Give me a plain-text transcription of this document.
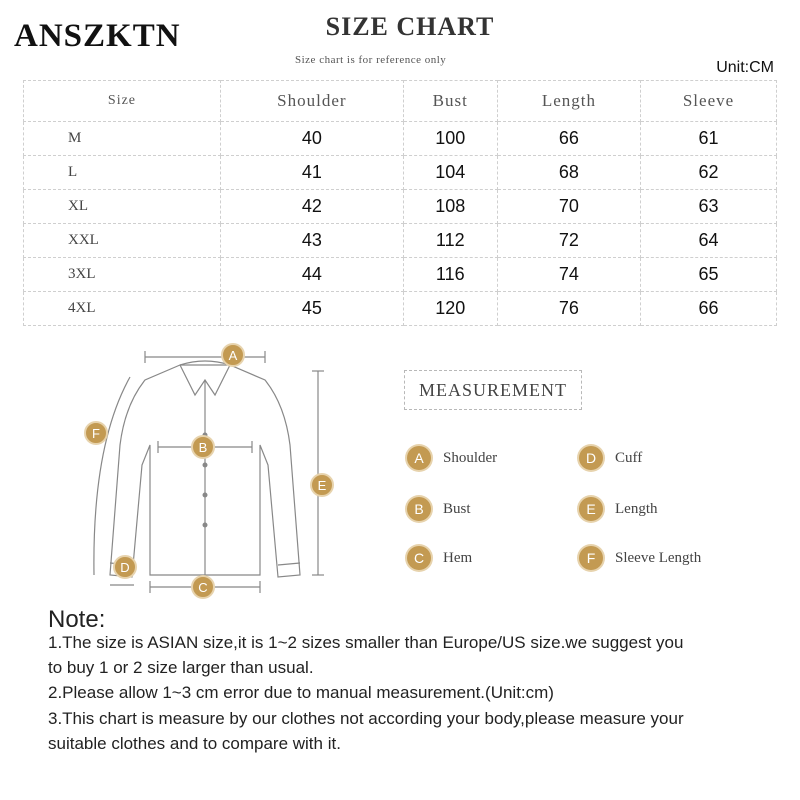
ANSZKTN	SIZE CHART
Size chart is for reference only	Unit:CM
Size	Shoulder	Bust	Length	Sleeve
M	40	100	66	61
L	41	104	68	62
XL	42	108	70	63
XXL	43	112	72	64
3XL	44	116	74	65
4XL	45	120	76	66
A
B
C
D
E
F
MEASUREMENT
A	Shoulder
B	Bust
C	Hem
D	Cuff
E	Length
F	Sleeve Length
Note:
1.The size is ASIAN size,it is 1~2 sizes smaller than Europe/US size.we suggest you
to buy 1 or 2 size larger than usual.
2.Please allow 1~3 cm error due to manual measurement.(Unit:cm)
3.This chart is measure by our clothes not according your body,please measure your
suitable clothes and to compare with it.
